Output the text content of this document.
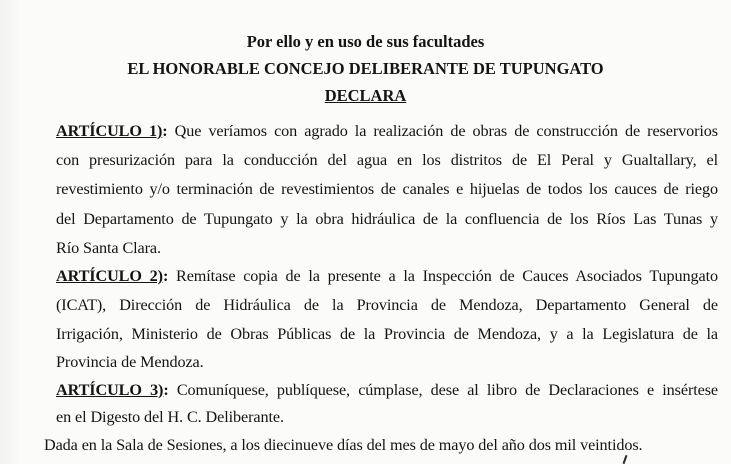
Por ello y en uso de sus facultades
EL HONORABLE CONCEJO DELIBERANTE DE TUPUNGATO
DECLARA
ARTÍCULO 1): Que veríamos con agrado la realización de obras de construcción de reservorios
con presurización para la conducción del agua en los distritos de El Peral y Gualtallary, el
revestimiento y/o terminación de revestimientos de canales e hijuelas de todos los cauces de riego
del Departamento de Tupungato y la obra hidráulica de la confluencia de los Ríos Las Tunas y
Río Santa Clara.
ARTÍCULO 2): Remítase copia de la presente a la Inspección de Cauces Asociados Tupungato
(ICAT), Dirección de Hidráulica de la Provincia de Mendoza, Departamento General de
Irrigación, Ministerio de Obras Públicas de la Provincia de Mendoza, y a la Legislatura de la
Provincia de Mendoza.
ARTÍCULO 3): Comuníquese, publíquese, cúmplase, dese al libro de Declaraciones e insértese
en el Digesto del H. C. Deliberante.
Dada en la Sala de Sesiones, a los diecinueve días del mes de mayo del año dos mil veintidos.
